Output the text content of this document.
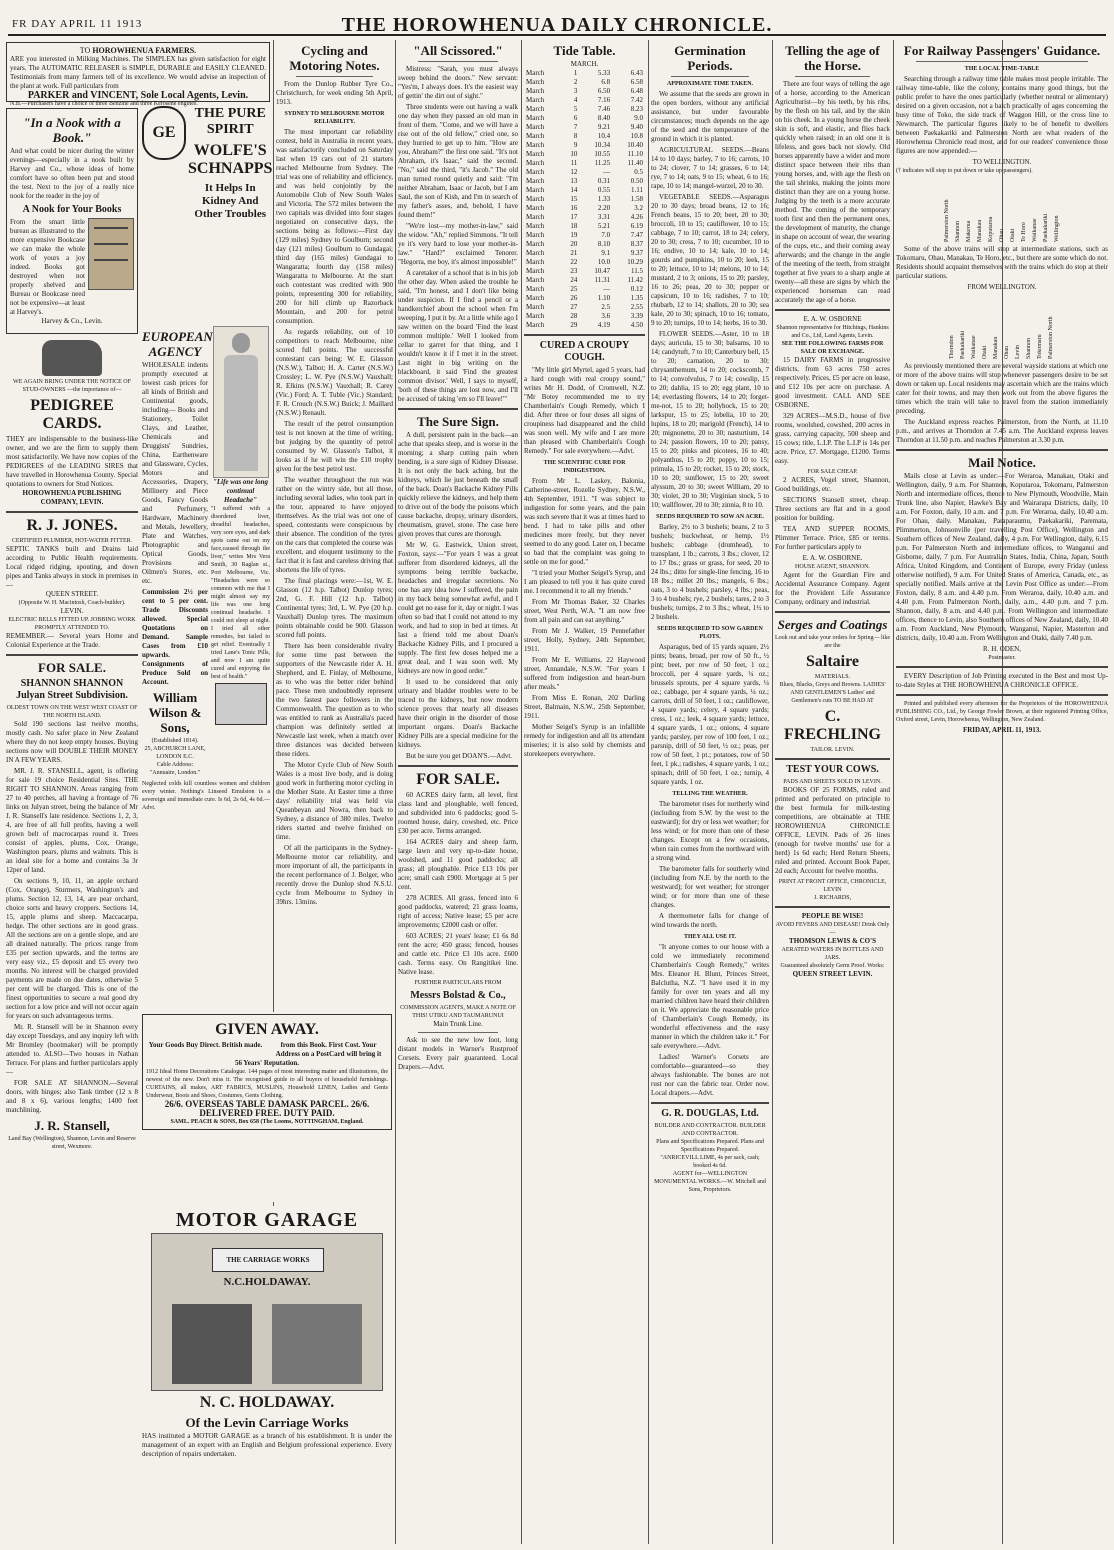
FR DAY APRIL 11 1913	THE HOROWHENUA DAILY CHRONICLE.
TO HOROWHENUA FARMERS.
ARE you interested in Milking Machines. The SIMPLEX has given satisfaction for eight years. The AUTOMATIC RELEASER is SIMPLE, DURABLE and EASILY CLEANED. Testimonials from many farmers tell of its excellence. We would advise an inspection of the plant at work. Full particulars from
PARKER and VINCENT, Sole Local Agents, Levin.
N.B.—Purchasers have a choice of three Benzine and three Kerosene engines.
"In a Nook with a Book."
And what could be nicer during the winter evenings—especially in a nook built by Harvey and Co., whose ideas of home comfort have so often been put and stood the test. Next to the joy of a really nice nook for the reader in the joy of
A Nook for Your Books
From the smart little bureau as illustrated to the more expensive Bookcase we can make the whole work of yours a joy indeed. Books got destroyed when not properly shelved and Bureau or Bookcase need not be expensive—at least at Harvey's.
Harvey & Co., Levin.
WE AGAIN BRING UNDER THE NOTICE OF STUD-OWNERS —the importance of—
PEDIGREE CARDS.
THEY are indispensable to the business-like owner, and we are the firm to supply them most satisfactorily. We have now copies of the PEDIGREES of the LEADING SIRES that have travelled in Horowhenua County. Special quotations to owners for Stud Notices.
HOROWHENUA PUBLISHING COMPANY, LEVIN.
R. J. JONES.
CERTIFIED PLUMBER, HOT-WATER FITTER.
SEPTIC TANKS built and Drains laid according to Public Health requirements. Local ridged ridging, spouting, and down pipes and Tanks always in stock in premises in—
QUEEN STREET.
(Opposite W. H. Macintosh, Coach-builder).
LEVIN.
ELECTRIC BELLS FITTED UP. JOBBING WORK PROMPTLY ATTENDED TO.
REMEMBER.— Several years Home and Colonial Experience at the Trade.
FOR SALE.
SHANNON SHANNON Julyan Street Subdivision.
OLDEST TOWN ON THE WEST WEST COAST OF THE NORTH ISLAND.

Sold 190 sections last twelve months, mostly cash. No safer place in New Zealand where they do not keep empty houses. Buying sections now will DOUBLE THEIR MONEY IN A FEW YEARS.

MR. J. R. STANSELL, agent, is offering for sale 19 choice Residential Sites. THE RIGHT TO SHANNON. Areas ranging from 27 to 40 perches, all having a frontage of 76 links on Julyan street, being the balance of Mr J. R. Stansell's late residence. Sections 1, 2, 3, 4, are free of all full profits, having a well grown belt of macrocarpas round it. Trees consist of apples, plums, Cox, Orange, Washington pears, plums and walnuts. This is an ideal site for a home and contains 3a 3r 12per of land.

On sections 9, 10, 11, an apple orchard (Cox, Orange), Sturmers, Washington's and plums. Section 12, 13, 14, are pear orchard, choice sorts and heavy croppers. Sections 14, 15, apple plums and sheep. Maccacarpa, hedge. The other sections are in good grass. All the sections are on a gentle slope, and are all drained naturally. The prices range from £35 per section upwards, and the terms are very easy viz., £5 deposit and £5 every two months. No interest will be charged provided payments are made on due dates, otherwise 5 per cent will be charged. This is one of the finest opportunities to secure a real good dry section for a low price and will not occur again for years on such advantageous terms.

Mr. R. Stansell will be in Shannon every day except Tuesdays, and any inquiry left with Mr Bromley (bootmaker) will be promptly attended to. ALSO—Two houses in Nathan Terrace. For plans and further particulars apply—

FOR SALE AT SHANNON.—Several doors, with hinges; also Tank timber (12 x 8 and 8 x 6), various lengths; 1400 feet matchlining.

J. R. Stansell,
Land Bay (Wellington), Shannon, Levin and Reserve street, Wexmore.
GE
THE PURE SPIRIT
WOLFE'S SCHNAPPS
It Helps In Kidney And Other Troubles
EUROPEAN AGENCY
WHOLESALE indents promptly executed at lowest cash prices for all kinds of British and Continental goods, including— Books and Stationery, Toilet Clays, and Leather, Chemicals and Druggists' Sundries, China, Earthenware and Glassware, Cycles, Motors and Accessories, Drapery, Millinery and Piece Goods, Fancy Goods and Perfumery, Hardware, Machinery and Metals, Jewellery, Plate and Watches, Photographic and Optical Goods, Provisions and Oilmen's Stores, etc. etc.
Commission 2½ per cent to 5 per cent. Trade Discounts allowed. Special Quotations on Demand. Sample Cases from £10 upwards. Consignments of Produce Sold on Account.
William Wilson & Sons,
(Established 1814).
25, ABCHURCH LANE, LONDON E.C.
Cable Address:
"Annuaire, London."
"Life was one long continual Headache"
"I suffered with a disordered liver, dreadful headaches, very sore eyes, and dark spots came out on my face,caused through the liver," writes Mrs Vera Smith, 30 Raglan st., Port Melbourne, Vic. "Headaches were so common with me that I might almost say my life was one long continual headache. I could not sleep at night. I tried all other remedies, but failed to get relief. Eventually I tried Lane's Tonic Pills, and now I am quite cured and enjoying the best of health."
Neglected colds kill countless women and children every winter. Nothing's Linseed Emulsion is a sovereign and immediate cure. Is 6d, 2s 6d, 4s 6d.—Advt.
GIVEN AWAY.
Your Goods Buy Direct. British made.	from this Book. First Cost. Your Address on a PostCard will bring it
56 Years' Reputation.
1912 Ideal Home Decorations Catalogue. 144 pages of most interesting matter and illustrations, the newest of the new. Don't miss it. The recognised guide to all buyers of household furnishings. CURTAINS, all makes, ART FABRICS, MUSLINS, Household LINEN, Ladies and Gents Underwear, Boots and Shoes, Costumes, Gents Clothing.
26/6. OVERSEAS TABLE DAMASK PARCEL. 26/6. DELIVERED FREE. DUTY PAID.
SAML. PEACH & SONS, Box 658 (The Looms, NOTTINGHAM, England.
MOTOR GARAGE
THE CARRIAGE WORKS
N.C.HOLDAWAY.
N. C. HOLDAWAY.
Of the Levin Carriage Works
HAS instituted a MOTOR GARAGE as a branch of his establishment. It is under the management of an expert with an English and Belgium professional experience. Every description of repairs undertaken.
Cycling and Motoring Notes.

From the Dunlop Rubber Tyre Co., Christchurch, for week ending 5th April, 1913.

SYDNEY TO MELBOURNE MOTOR RELIABILITY.

The most important car reliability contest, held in Australia in recent years, was satisfactorily concluded on Saturday last when 19 cars out of 21 starters reached Melbourne from Sydney. The trial was one of reliability and efficiency, and was held conjointly by the Automobile Club of New South Wales and Victoria. The 572 miles between the two capitals was divided into four stages negotiated on consecutive days, the sections being as follows:—First day (129 miles) Sydney to Goulburn; second day (121 miles) Goulburn to Gundagai; third day (165 miles) Gundagai to Wangaratta; fourth day (158 miles) Wangaratta to Melbourne. At the start each contestant was credited with 900 points, representing 300 for reliability, 200 for hill climb up Razorback Mountain, and 200 for petrol consumption.

As regards reliability, out of 10 competitors to reach Melbourne, nine scored full points. The successful contestant cars being: W. E. Glasson (N.S.W.), Talbot; H. A. Carter (N.S.W.) Crossley; L. W. Pye (N.S.W.) Vauxhall; R. Elkins (N.S.W.) Vauxhall; R. Carey (Vic.) Ford; A. T. Tuble (Vic.) Standard; F. R. Crouch (N.S.W.) Buick; J. Maillard (N.S.W.) Renault.

The result of the petrol consumption test is not known at the time of writing, but judging by the quantity of petrol consumed by W. Glasson's Talbot, it looks as if he will win the £10 trophy given for the best petrol test.

The weather throughout the run was rather on the wintry side, but all those, including several ladies, who took part in the tour, appeared to have enjoyed themselves. As the trial was not one of speed, contestants were conspicuous by their absence. The condition of the tyres on the cars that completed the course was excellent, and eloquent testimony to the fact that it is fast and careless driving that shortens the life of tyres.

The final placings were:—1st, W. E. Glasson (12 h.p. Talbot) Dunlop tyres; 2nd, G. F. Hill (12 h.p. Talbot) Continental tyres; 3rd, L. W. Pye (20 h.p. Vauxhall) Dunlop tyres. The maximum points obtainable could be 900. Glasson scored full points.

There has been considerable rivalry for some time past between the supporters of the Newcastle rider A. H. Shepherd, and E. Finlay, of Melbourne, as to who was the better rider behind pace. These men undoubtedly represent the two fastest pace followers in the Commonwealth. The question as to who was entitled to rank as Australia's paced champion was definitely settled at Newcastle last week, when a match over three distances was decided between these riders.

The Motor Cycle Club of New South Wales is a most live body, and is doing good work in furthering motor cycling in the Mother State. At Easter time a three days' reliability trial was held via Queanbeyan and Nowra, then back to Sydney, a distance of 380 miles. Twelve riders started and twelve finished on time.

Of all the participants in the Sydney-Melbourne motor car reliability, and more important of all, the participants in the recent performance of J. Bolger, who recently drove the Dunlop shod N.S.U. cycle from Melbourne to Sydney in 39hrs. 13mins.

"All Scissored."

Mistress: "Sarah, you must always sweep behind the doors." New servant: "Yes'm, I always does. It's the easiest way of gettin' the dirt out of sight."

Three students were out having a walk one day when they passed an old man in front of them. "Come, and we will have a rise out of the old fellow," cried one, so they hurried to get up to him. "How are you, Abraham?" the first one said. "It's not Abraham, it's Isaac," said the second. "No," said the third, "it's Jacob." The old man turned round quietly and said: "I'm neither Abraham, Isaac or Jacob, but I am Saul, the son of Kish, and I'm in search of my father's asses, and, behold, I have found them!"

"We're lost—my mother-in-law," said the widow. "Ah," replied Simmons. "It tell ye it's very hard to lose your mother-in-law." "Hard?" exclaimed Tenorer. "Hegorra, me boy, it's almost impossible!"

A caretaker of a school that is in his job the other day. When asked the trouble he said, "I'm honest, and I don't like being under suspicion. If I find a pencil or a handkerchief about the school when I'm sweeping, I put it by. At a little while ago I saw written on the board 'Find the least common multiple.' Well I looked from cellar to garret for that thing, and I wouldn't know it if I met it in the street. Last night in big writing on the blackboard, it said 'Find the greatest common divisor.' Well, I says to myself, 'both of these things are lost now, and I'll be accused of taking 'em so I'll leave!'"

The Sure Sign.

A dull, persistent pain in the back—an ache that speaks sleep, and is worse in the morning; a sharp cutting pain when bending, is a sure sign of Kidney Disease. It is not only the back aching, but the kidneys, which lie just beneath the small of the back. Doan's Backache Kidney Pills quickly relieve the kidneys, and help them to drive out of the body the poisons which cause backache, dropsy, urinary disorders, rheumatism, gravel, stone. The case here given proves that cures are thorough.

Mr W. G. Eastwick, Union street, Foxton, says:—"For years I was a great sufferer from disordered kidneys, all the symptoms being terrible backache, headaches and irregular secretions. No one has any idea how I suffered, the pain in my back being somewhat awful, and I could get no ease for it, day or night. I was often so bad that I could not attend to my work, and had to stop in bed at times. At last a friend told me about Doan's Backache Kidney Pills, and I procured a supply. The first few doses helped me a great deal, and I was soon well. My kidneys are now in good order."

It used to be considered that only urinary and bladder troubles were to be traced to the kidneys, but now modern science proves that nearly all diseases have their origin in the disorder of those important organs. Doan's Backache Kidney Pills are a special medicine for the kidneys.

But be sure you get DOAN'S.—Advt.

FOR SALE.

60 ACRES dairy farm, all level, first class land and ploughable, well fenced, and subdivided into 6 paddocks; good 5-roomed house, dairy, cowshed, etc. Price £30 per acre. Terms arranged.

164 ACRES dairy and sheep farm, large lawn and very up-to-date house, woolshed, and 11 good paddocks; all grass; all ploughable. Price £13 10s per acre; small cash £900. Mortgage at 5 per cent.

278 ACRES. All grass, fenced into 6 good paddocks, watered; 21 grass loams, right of access; Native lease; £5 per acre improvements; £2000 cash or offer.

603 ACRES; 21 years' lease; £1 6s 8d rent the acre; 450 grass; fenced, houses and cattle etc. Price £3 10s acre. £600 cash. Terms easy. On Rangitikei line. Native lease.

FURTHER PARTICULARS FROM
Messrs Bolstad & Co.,
COMMISSION AGENTS, MAKE A NOTE OF THIS! UTIKU AND TAUMARUNUI
Main Trunk Line.

Ask to see the new low foot, long distant models in Warner's Rustproof Corsets. Every pair guaranteed. Local Drapers.—Advt.

Tide Table.
MARCH.
March	1	5.33	6.43
March	2	6.8	6.58
March	3	6.50	6.48
March	4	7.16	7.42
March	5	7.46	8.23
March	6	8.40	9.0
March	7	9.21	9.40
March	8	10.4	10.8
March	9	10.34	10.40
March	10	10.55	11.10
March	11	11.25	11.40
March	12	—	0.5
March	13	0.31	0.50
March	14	0.55	1.11
March	15	1.33	1.58
March	16	2.20	3.2
March	17	3.31	4.26
March	18	5.21	6.19
March	19	7.0	7.47
March	20	8.10	8.37
March	21	9.1	9.37
March	22	10.0	10.29
March	23	10.47	11.5
March	24	11.31	11.42
March	25	—	0.12
March	26	1.10	1.35
March	27	2.5	2.55
March	28	3.6	3.39
March	29	4.19	4.50
CURED A CROUPY COUGH.

"My little girl Myrtel, aged 5 years, had a hard cough with real croupy sound," writes Mr H. Dodd, of Cromwell, N.Z. "Mr Botey recommended me to try Chamberlain's Cough Remedy, which I did. After three or four doses all signs of croupiness had disappeared and the child was soon well. My wife and I are more than pleased with Chamberlain's Cough Remedy." For sale everywhere.—Advt.

THE SCIENTIFIC CURE FOR INDIGESTION.

From Mr L. Laskey, Balonia, Catherine-street, Rozelle Sydney, N.S.W., 4th September, 1911. "I was subject to indigestion for some years, and the pain was such severe that it was at times hard to bend. I had to take pills and other medicines more freely, but they never seemed to do any good. Later on, I became so bad that the complaint was going to settle on me for good."

"I tried your Mother Seigel's Syrup, and I am pleased to tell you it has quite cured me. I recommend it to all my friends."

From Mr Thomas Baker, 32 Charles street, West Perth, W.A. "I am now free from all pain and can eat anything."

From Mr J. Walker, 19 Pennefather street, Holly, Sydney, 24th September, 1911.

From Mr E. Williams, 22 Haywood street, Annandale, N.S.W. "For years I suffered from indigestion and heart-burn after meals."

From Miss E. Ronan, 202 Darling Street, Balmain, N.S.W., 25th September, 1911.

Mother Seigel's Syrup is an infallible remedy for indigestion and all its attendant miseries; it is also sold by chemists and storekeepers everywhere.

Germination Periods.
APPROXIMATE TIME TAKEN.

We assume that the seeds are grown in the open borders, without any artificial assistance, but under favourable circumstances; much depends on the age of the seed and the temperature of the ground in which it is planted.

AGRICULTURAL SEEDS.—Beans 14 to 10 days; barley, 7 to 16; carrots, 10 to 24; clover, 7 to 14; grasses, 6 to 14; rye, 7 to 14; oats, 9 to 15; wheat, 6 to 16; rape, 10 to 14; mangel-wurzel, 20 to 30.

VEGETABLE SEEDS.—Asparagus 20 to 30 days; broad beans, 12 to 16; French beans, 15 to 20; beet, 20 to 30; broccoli, 10 to 15; cauliflower, 10 to 15; cabbage, 7 to 10; carrot, 18 to 24; celery, 20 to 30; cress, 7 to 10; cucumber, 10 to 16; endive, 10 to 14; kale, 10 to 14; gourds and pumpkins, 10 to 20; leek, 15 to 20; lettuce, 10 to 14; melons, 10 to 14; mustard, 2 to 3; onions, 15 to 20; parsley, 16 to 26; peas, 20 to 30; pepper or capsicum, 10 to 16; radishes, 7 to 10; rhubarb, 12 to 14; shallots, 20 to 30; sea kale, 20 to 30; spinach, 10 to 16; tomato, 9 to 20; turnips, 10 to 14; herbs, 16 to 30.

FLOWER SEEDS.—Aster, 10 to 18 days; auricula, 15 to 30; balsams, 10 to 14; candytuft, 7 to 10; Canterbury bell, 15 to 20; carnation, 20 to 30; chrysanthemum, 14 to 20; cockscomb, 7 to 14; convolvulus, 7 to 14; cowslip, 15 to 20; dahlia, 15 to 20; egg plant, 10 to 14; everlasting flowers, 14 to 20; forget-me-not, 15 to 20; hollyhock, 15 to 20; larkspur, 15 to 25; lobelia, 10 to 20; lupins, 18 to 20; marigold (French), 14 to 20; mignonette, 20 to 30; nasturtium, 14 to 24; passion flowers, 10 to 20; pansy, 15 to 20; pinks and picotees, 16 to 40; polyanthus, 15 to 20; poppy, 10 to 15; primula, 15 to 20; rocket, 15 to 20; stock, 10 to 20; sunflower, 15 to 20; sweet alyssum, 20 to 30; sweet William, 20 to 30; violet, 20 to 30; Virginian stock, 5 to 10; wallflower, 20 to 30; zinnia, 8 to 10.

SEEDS REQUIRED TO SOW AN ACRE.

Barley, 2½ to 3 bushels; beans, 2 to 3 bushels; buckwheat, or hemp, 1½ bushels; cabbage (drumhead), to transplant, 1 lb.; carrots, 3 lbs.; clover, 12 to 17 lbs.; grass or grass, for seed, 20 to 24 lbs.; ditto for single-line fencing, 16 to 18 lbs.; millet 20 lbs.; mangels, 6 lbs.; oats, 3 to 4 bushels; parsley, 4 lbs.; peas, 3 to 4 bushels; rye, 2 bushels; tares, 2 to 3 bushels; turnips, 2 to 3 lbs.; wheat, 1½ to 2 bushels.

SEEDS REQUIRED TO SOW GARDEN PLOTS.

Asparagus, bed of 15 yards square, 2½ pints; beans, broad, per row of 50 ft., ½ pint; beet, per row of 50 feet, 1 oz.; broccoli, per 4 square yards, ¼ oz.; brussels sprouts, per 4 square yards, ¼ oz.; cabbage, per 4 square yards, ¼ oz.; carrots, drill of 50 feet, 1 oz.; cauliflower, 4 square yards; celery, 4 square yards; cress, 1 oz.; leek, 4 square yards; lettuce, 4 square yards, 1 oz.; onions, 4 square yards; parsley, per row of 100 feet, 1 oz.; parsnip, drill of 50 feet, ½ oz.; peas, per row of 50 feet, 1 pt.; potatoes, row of 50 feet, 1 pk.; radishes, 4 square yards, 1 oz.; spinach, drill of 50 feet, 1 oz.; turnip, 4 square yards, 1 oz.

TELLING THE WEATHER.

The barometer rises for northerly wind (including from S.W. by the west to the eastward); for dry or less wet weather; for less wind; or for more than one of these changes. Except on a few occasions, when rain comes from the northward with a strong wind.

The barometer falls for southerly wind (including from N.E. by the north to the westward); for wet weather; for stronger wind; or for more than one of these changes.

A thermometer falls for change of wind towards the north.

THEY ALL USE IT.

"It anyone comes to our house with a cold we immediately recommend Chamberlain's Cough Remedy," writes Mrs. Eleanor H. Blunt, Princes Street, Balclutha, N.Z. "I have used it in my family for over ten years and all my married children have heard their children on it. We appreciate the reasonable price of Chamberlain's Cough Remedy, its wonderful effectiveness and the easy manner in which the children take it." For sale everywhere.—Advt.

Ladies! Warner's Corsets are comfortable—guaranteed—so they always fashionable. The bones are not rust nor can the fabric tear. Order now. Local drapers.—Advt.

G. R. DOUGLAS, Ltd.
BUILDER AND CONTRACTOR. BUILDER AND CONTRACTOR.
Plans and Specifications Prepared. Plans and Specifications Prepared.
"ANRICEVILL LIME, 4s per sack, cash; booked 4s 6d.
AGENT for—WELLINGTON MONUMENTAL WORKS.—W. Mitchell and Sons, Proprietors.
Telling the age of the Horse.

There are four ways of telling the age of a horse, according to the American Agriculturist—by his teeth, by his ribs, by the flesh on his tail, and by the skin on his cheek. In a young horse the cheek skin is soft, and elastic, and flies back quickly when raised; in an old one it is lifeless, and goes back not slowly. Old horses apparently have a wider and more distinct space between their ribs than young horses, and, with age the flesh on the tail shrinks, making the joints more distinct than they are on a young horse. Judging by the teeth is a more accurate method. The coming of the temporary tooth first and then the permanent ones, the development of maturity, the change in shape on account of wear, the wearing of the cups, etc., and their coming away afterwards; and the change in the angle of the meeting of the teeth, from straight together at five years to a sharp angle at twenty—all these are signs by which the experienced horseman can read accurately the age of a horse.

E. A. W. OSBORNE
Shannon representative for Hitchings, Hankins and Co., Ltd, Land Agents, Levin.
SEE THE FOLLOWING FARMS FOR SALE OR EXCHANGE.

15 DAIRY FARMS in progressive districts, from 63 acres 750 acres respectively. Prices, £5 per acre on lease, and £12 10s per acre on purchase. A good investment. CALL AND SEE OSBORNE.

329 ACRES—M.S.D., house of five rooms, woolshed, cowshed, 200 acres in grass, carrying capacity, 500 sheep and 15 cows; title, L.I.P. The L.I.P is 14s per acre. Price, £7. Mortgage, £1200. Terms easy.

FOR SALE CHEAP.

2 ACRES, Vogel street, Shannon, Good buildings, etc.

SECTIONS Stansell street, cheap. Three sections are flat and in a good position for building.

TEA AND SUPPER ROOMS, Plimmer Terrace. Price, £85 or terms. For further particulars apply to

E. A. W. OSBORNE.
HOUSE AGENT, SHANNON.

Agent for the Guardian Fire and Accidental Assurance Company. Agent for the Provident Life Assurance Company, ordinary and industrial.

Serges and Coatings
Look out and take your orders for Spring— like are the
Saltaire
MATERIALS.
Blues, Blacks, Greys and Browns. LADIES' AND GENTLEMEN'S Ladies' and Gentlemen's cuts TO BE HAD AT
C. FRECHLING
TAILOR. LEVIN.
TEST YOUR COWS.
PADS AND SHEETS SOLD IN LEVIN.

BOOKS OF 25 FORMS, ruled and printed and perforated on principle to the best formula for milk-testing competitions, are obtainable at THE HOROWHENUA CHRONICLE OFFICE, LEVIN. Pads of 26 lines (enough for twelve months' use for a herd) 1s 6d each; Herd Return Sheets, ruled and printed. Account Book Paper, 2d each; Account for twelve months.

PRINT AT FRONT OFFICE, CHRONICLE, LEVIN
J. RICHARDS,
PEOPLE BE WISE!
AVOID FEVERS AND DISEASE! Drink Only—
THOMSON LEWIS & CO'S
AERATED WATERS IN BOTTLES AND JARS.
Guaranteed absolutely Germ Proof. Works:
QUEEN STREET LEVIN.
For Railway Passengers' Guidance.
THE LOCAL TIME-TABLE

Searching through a railway time table makes most people irritable. The railway time-table, like the colony, contains many good things, but the public prefer to have the ones particularly (whether neutral or alimentary) desired on a given occasion, not a batch practically of ages concerning the busy time of Toko, the side track of Waggon Hill, or the cross line to Newmarch. The particular figures likely to be of benefit to dwellers between Paekakariki and Palmerston North are what readers of the Horowhenua Chronicle read most, and for our readers' convenience those figures are now appended:—

TO WELLINGTON.
(† indicates will stop to put down or take up passengers).
Palmerston North Shannon Makerua Manakau Koputaroa Ohau Otaki Te Horo Waikanae Paekakariki Wellington

Some of the above trains will stop at intermediate stations, such as Tokomaru, Ohau, Manakau, Te Horo, etc., but there are some which do not. Residents should acquaint themselves with the trains which do stop at their particular stations.

FROM WELLINGTON.
Thorndon Paekakariki Waikanae Otaki Manakau Ohau Levin Shannon Tokomaru Palmerston North

As previously mentioned there are several wayside stations at which one or more of the above trains will stop whenever passengers desire to be set down or taken up. Local residents may ascertain which are the trains which cater for their towns, and may then work out from the above figures the times which the train will take to travel from the station immediately preceding.

The Auckland express reaches Palmerston, from the North, at 11.10 p.m., and arrives at Thorndon at 7.45 a.m. The Auckland express leaves Thorndon at 11.50 p.m. and reaches Palmerston at 3.30 p.m.

Mail Notice.

Mails close at Levin as under:—For Weraroa, Manakau, Otaki and Wellington, daily, 9 a.m. For Shannon, Koputaroa, Tokomaru, Palmerston North and intermediate offices, thence to New Plymouth, Woodville, Main Trunk line, also Napier, Hawke's Bay and Wairarapa Districts, daily, 10 a.m. For Foxton, daily, 10 a.m. and 7 p.m. For Weraroa, daily, 10.40 a.m. For Ohau, daily. Manakau, Paraparaumu, Paekakariki, Paremata, Plimmerton, Johnsonville (per travelling Post Office), Wellington and Southern offices of New Zealand, daily, 4 p.m. For Wellington, daily, 6.15 p.m. For Palmerston North and intermediate offices, to Wanganui and Gisborne, daily, 7 p.m. For Australian States, India, China, Japan, South Africa, United Kingdom, and Continent of Europe, every Friday (unless otherwise notified), 9 a.m. For United States of America, Canada, etc., as specially notified. Mails arrive at the Levin Post Office as under:—From Foxton, daily, 8 a.m. and 4.40 p.m. From Weraroa, daily, 10.40 a.m. and 4.40 p.m. From Palmerston North, daily, a.m., 4.40 p.m. and 7 p.m. Shannon, daily, 8 a.m. and 4.40 p.m. From Wellington and intermediate offices, thence to Levin, also Southern offices of New Zealand, daily, 10.40 a.m. From Auckland, New Plymouth, Wanganui, Napier, Masterton and districts, daily, 10.40 a.m. From Wellington and Otaki, daily 7.40 p.m.

R. H. ODEN,
Postmaster.

EVERY Description of Job Printing executed in the Best and most Up-to-date Styles at THE HOROWHENUA CHRONICLE OFFICE.

Printed and published every afternoon for the Proprietors of the HOROWHENUA PUBLISHING CO., Ltd., by George Fowler Brown, at their registered Printing Office, Oxford street, Levin, Horowhenua, Wellington, New Zealand.

FRIDAY, APRIL 11, 1913.
